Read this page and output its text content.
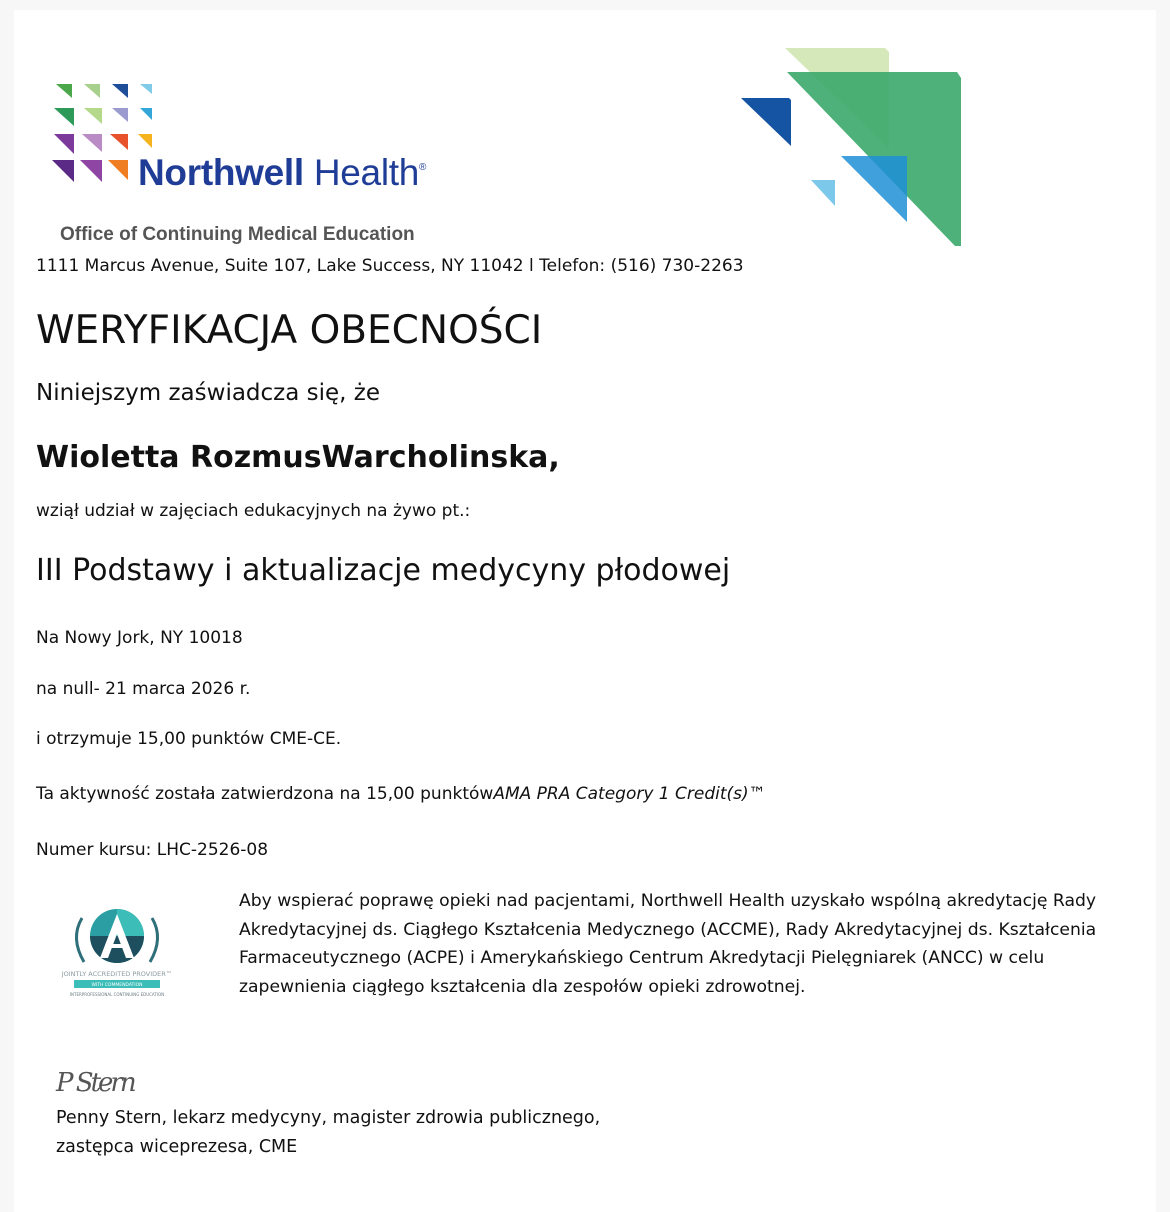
Northwell Health®
Office of Continuing Medical Education
1111 Marcus Avenue, Suite 107, Lake Success, NY 11042 l Telefon: (516) 730-2263
WERYFIKACJA OBECNOŚCI
Niniejszym zaświadcza się, że
Wioletta RozmusWarcholinska,
wziął udział w zajęciach edukacyjnych na żywo pt.:
III Podstawy i aktualizacje medycyny płodowej
Na Nowy Jork, NY 10018
na null- 21 marca 2026 r.
i otrzymuje 15,00 punktów CME-CE.
Ta aktywność została zatwierdzona na 15,00 punktówAMA PRA Category 1 Credit(s)™
Numer kursu: LHC-2526-08
JOINTLY ACCREDITED PROVIDER™
WITH COMMENDATION
INTERPROFESSIONAL CONTINUING EDUCATION
Aby wspierać poprawę opieki nad pacjentami, Northwell Health uzyskało wspólną akredytację Rady Akredytacyjnej ds. Ciągłego Kształcenia Medycznego (ACCME), Rady Akredytacyjnej ds. Kształcenia Farmaceutycznego (ACPE) i Amerykańskiego Centrum Akredytacji Pielęgniarek (ANCC) w celu zapewnienia ciągłego kształcenia dla zespołów opieki zdrowotnej.
P Stern
Penny Stern, lekarz medycyny, magister zdrowia publicznego,
zastępca wiceprezesa, CME
